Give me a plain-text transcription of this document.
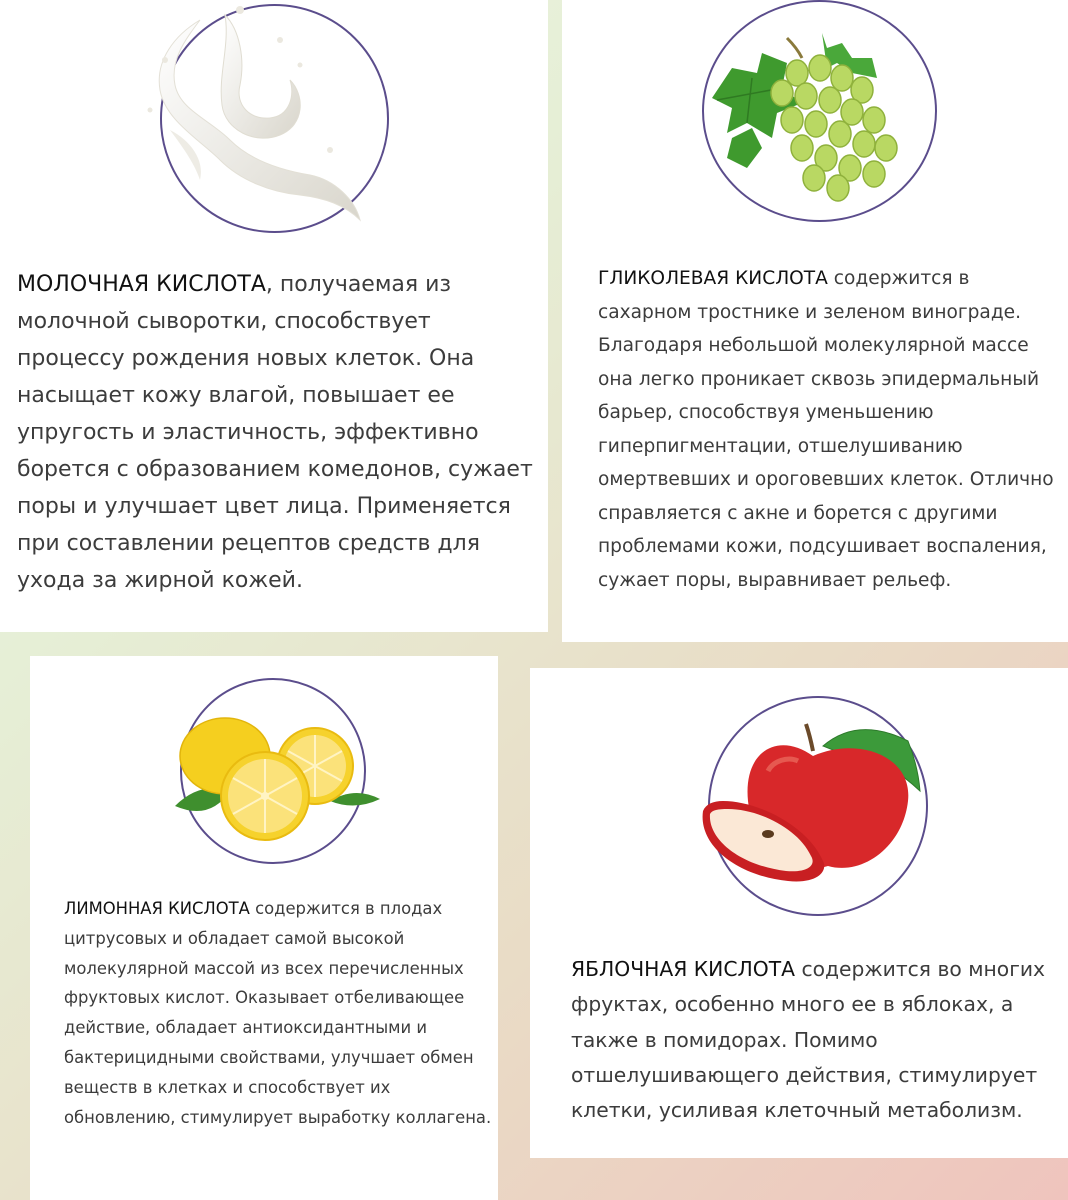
МОЛОЧНАЯ КИСЛОТА, получаемая из молочной сыворотки, способствует процессу рождения новых клеток. Она насыщает кожу влагой, повышает ее упругость и эластичность, эффективно борется с образованием комедонов, сужает поры и улучшает цвет лица. Применяется при составлении рецептов средств для ухода за жирной кожей.
ГЛИКОЛЕВАЯ КИСЛОТА содержится в сахарном тростнике и зеленом винограде. Благодаря небольшой молекулярной массе она легко проникает сквозь эпидермальный барьер, способствуя уменьшению гиперпигментации, отшелушиванию омертвевших и ороговевших клеток. Отлично справляется с акне и борется с другими проблемами кожи, подсушивает воспаления, сужает поры, выравнивает рельеф.
ЛИМОННАЯ КИСЛОТА содержится в плодах цитрусовых и обладает самой высокой молекулярной массой из всех перечисленных фруктовых кислот. Оказывает отбеливающее действие, обладает антиоксидантными и бактерицидными свойствами, улучшает обмен веществ в клетках и способствует их обновлению, стимулирует выработку коллагена.
ЯБЛОЧНАЯ КИСЛОТА содержится во многих фруктах, особенно много ее в яблоках, а также в помидорах. Помимо отшелушивающего действия, стимулирует клетки, усиливая клеточный метаболизм.
